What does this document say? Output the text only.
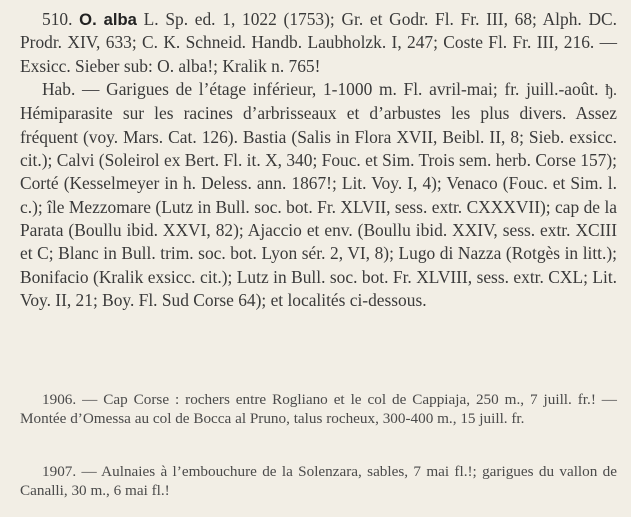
510. O. alba L. Sp. ed. 1, 1022 (1753); Gr. et Godr. Fl. Fr. III, 68; Alph. DC. Prodr. XIV, 633; C. K. Schneid. Handb. Laubholzk. I, 247; Coste Fl. Fr. III, 216. — Exsicc. Sieber sub: O. alba!; Kralik n. 765!

Hab. — Garigues de l’étage inférieur, 1-1000 m. Fl. avril-mai; fr. juill.-août. ђ. Hémiparasite sur les racines d’arbrisseaux et d’arbustes les plus divers. Assez fréquent (voy. Mars. Cat. 126). Bastia (Salis in Flora XVII, Beibl. II, 8; Sieb. exsicc. cit.); Calvi (Soleirol ex Bert. Fl. it. X, 340; Fouc. et Sim. Trois sem. herb. Corse 157); Corté (Kesselmeyer in h. Deless. ann. 1867!; Lit. Voy. I, 4); Venaco (Fouc. et Sim. l. c.); île Mezzomare (Lutz in Bull. soc. bot. Fr. XLVII, sess. extr. CXXXVII); cap de la Parata (Boullu ibid. XXVI, 82); Ajaccio et env. (Boullu ibid. XXIV, sess. extr. XCIII et C; Blanc in Bull. trim. soc. bot. Lyon sér. 2, VI, 8); Lugo di Nazza (Rotgès in litt.); Bonifacio (Kralik exsicc. cit.); Lutz in Bull. soc. bot. Fr. XLVIII, sess. extr. CXL; Lit. Voy. II, 21; Boy. Fl. Sud Corse 64); et localités ci-dessous.

1906. — Cap Corse : rochers entre Rogliano et le col de Cappiaja, 250 m., 7 juill. fr.! — Montée d’Omessa au col de Bocca al Pruno, talus rocheux, 300-400 m., 15 juill. fr.

1907. — Aulnaies à l’embouchure de la Solenzara, sables, 7 mai fl.!; garigues du vallon de Canalli, 30 m., 6 mai fl.!
